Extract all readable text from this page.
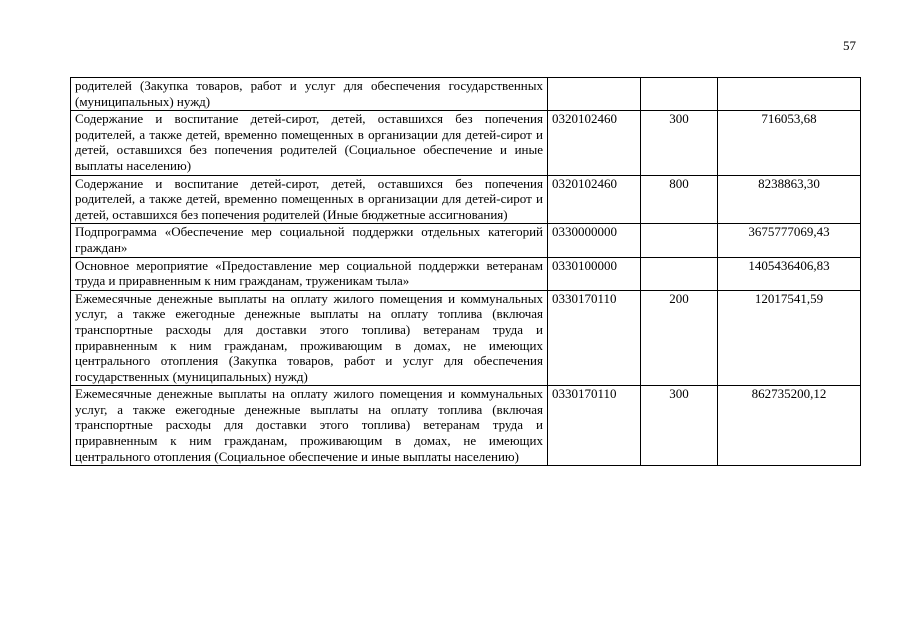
57
родителей (Закупка товаров, работ и услуг для обеспечения государственных (муниципальных) нужд)			
Содержание и воспитание детей-сирот, детей, оставшихся без попечения родителей, а также детей, временно помещенных в организации для детей-сирот и детей, оставшихся без попечения родителей (Социальное обеспечение и иные выплаты населению)	0320102460	300	716053,68
Содержание и воспитание детей-сирот, детей, оставшихся без попечения родителей, а также детей, временно помещенных в организации для детей-сирот и детей, оставшихся без попечения родителей (Иные бюджетные ассигнования)	0320102460	800	8238863,30
Подпрограмма «Обеспечение мер социальной поддержки отдельных категорий граждан»	0330000000		3675777069,43
Основное мероприятие «Предоставление мер социальной поддержки ветеранам труда и приравненным к ним гражданам, труженикам тыла»	0330100000		1405436406,83
Ежемесячные денежные выплаты на оплату жилого помещения и коммунальных услуг, а также ежегодные денежные выплаты на оплату топлива (включая транспортные расходы для доставки этого топлива) ветеранам труда и приравненным к ним гражданам, проживающим в домах, не имеющих центрального отопления (Закупка товаров, работ и услуг для обеспечения государственных (муниципальных) нужд)	0330170110	200	12017541,59
Ежемесячные денежные выплаты на оплату жилого помещения и коммунальных услуг, а также ежегодные денежные выплаты на оплату топлива (включая транспортные расходы для доставки этого топлива) ветеранам труда и приравненным к ним гражданам, проживающим в домах, не имеющих центрального отопления (Социальное обеспечение и иные выплаты населению)	0330170110	300	862735200,12
